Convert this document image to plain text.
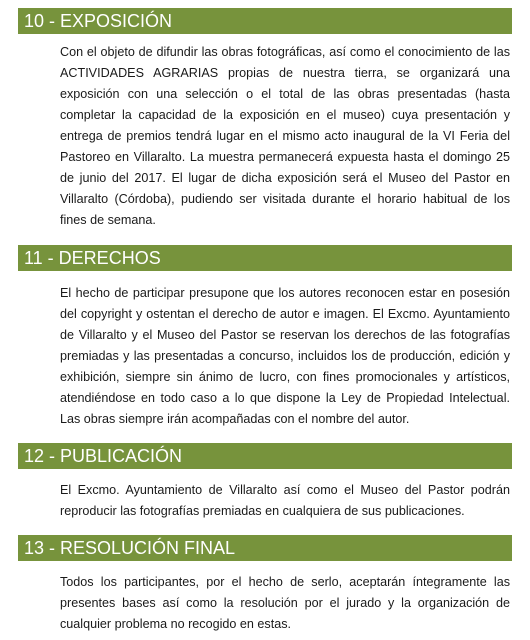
10 - EXPOSICIÓN

Con el objeto de difundir las obras fotográficas, así como el conocimiento de las ACTIVIDADES AGRARIAS propias de nuestra tierra, se organizará una exposición con una selección o el total de las obras presentadas (hasta completar la capacidad de la exposición en el museo) cuya presentación y entrega de premios tendrá lugar en el mismo acto inaugural de la VI Feria del Pastoreo en Villaralto. La muestra permanecerá expuesta hasta el domingo 25 de junio del 2017. El lugar de dicha exposición será el Museo del Pastor en Villaralto (Córdoba), pudiendo ser visitada durante el horario habitual de los fines de semana.

11 - DERECHOS

El hecho de participar presupone que los autores reconocen estar en posesión del copyright y ostentan el derecho de autor e imagen. El Excmo. Ayuntamiento de Villaralto y el Museo del Pastor se reservan los derechos de las fotografías premiadas y las presentadas a concurso, incluidos los de producción, edición y exhibición, siempre sin ánimo de lucro, con fines promocionales y artísticos, atendiéndose en todo caso a lo que dispone la Ley de Propiedad Intelectual. Las obras siempre irán acompañadas con el nombre del autor.

12 - PUBLICACIÓN

El Excmo. Ayuntamiento de Villaralto así como el Museo del Pastor podrán reproducir las fotografías premiadas en cualquiera de sus publicaciones.

13 - RESOLUCIÓN FINAL

Todos los participantes, por el hecho de serlo, aceptarán íntegramente las presentes bases así como la resolución por el jurado y la organización de cualquier problema no recogido en estas.
